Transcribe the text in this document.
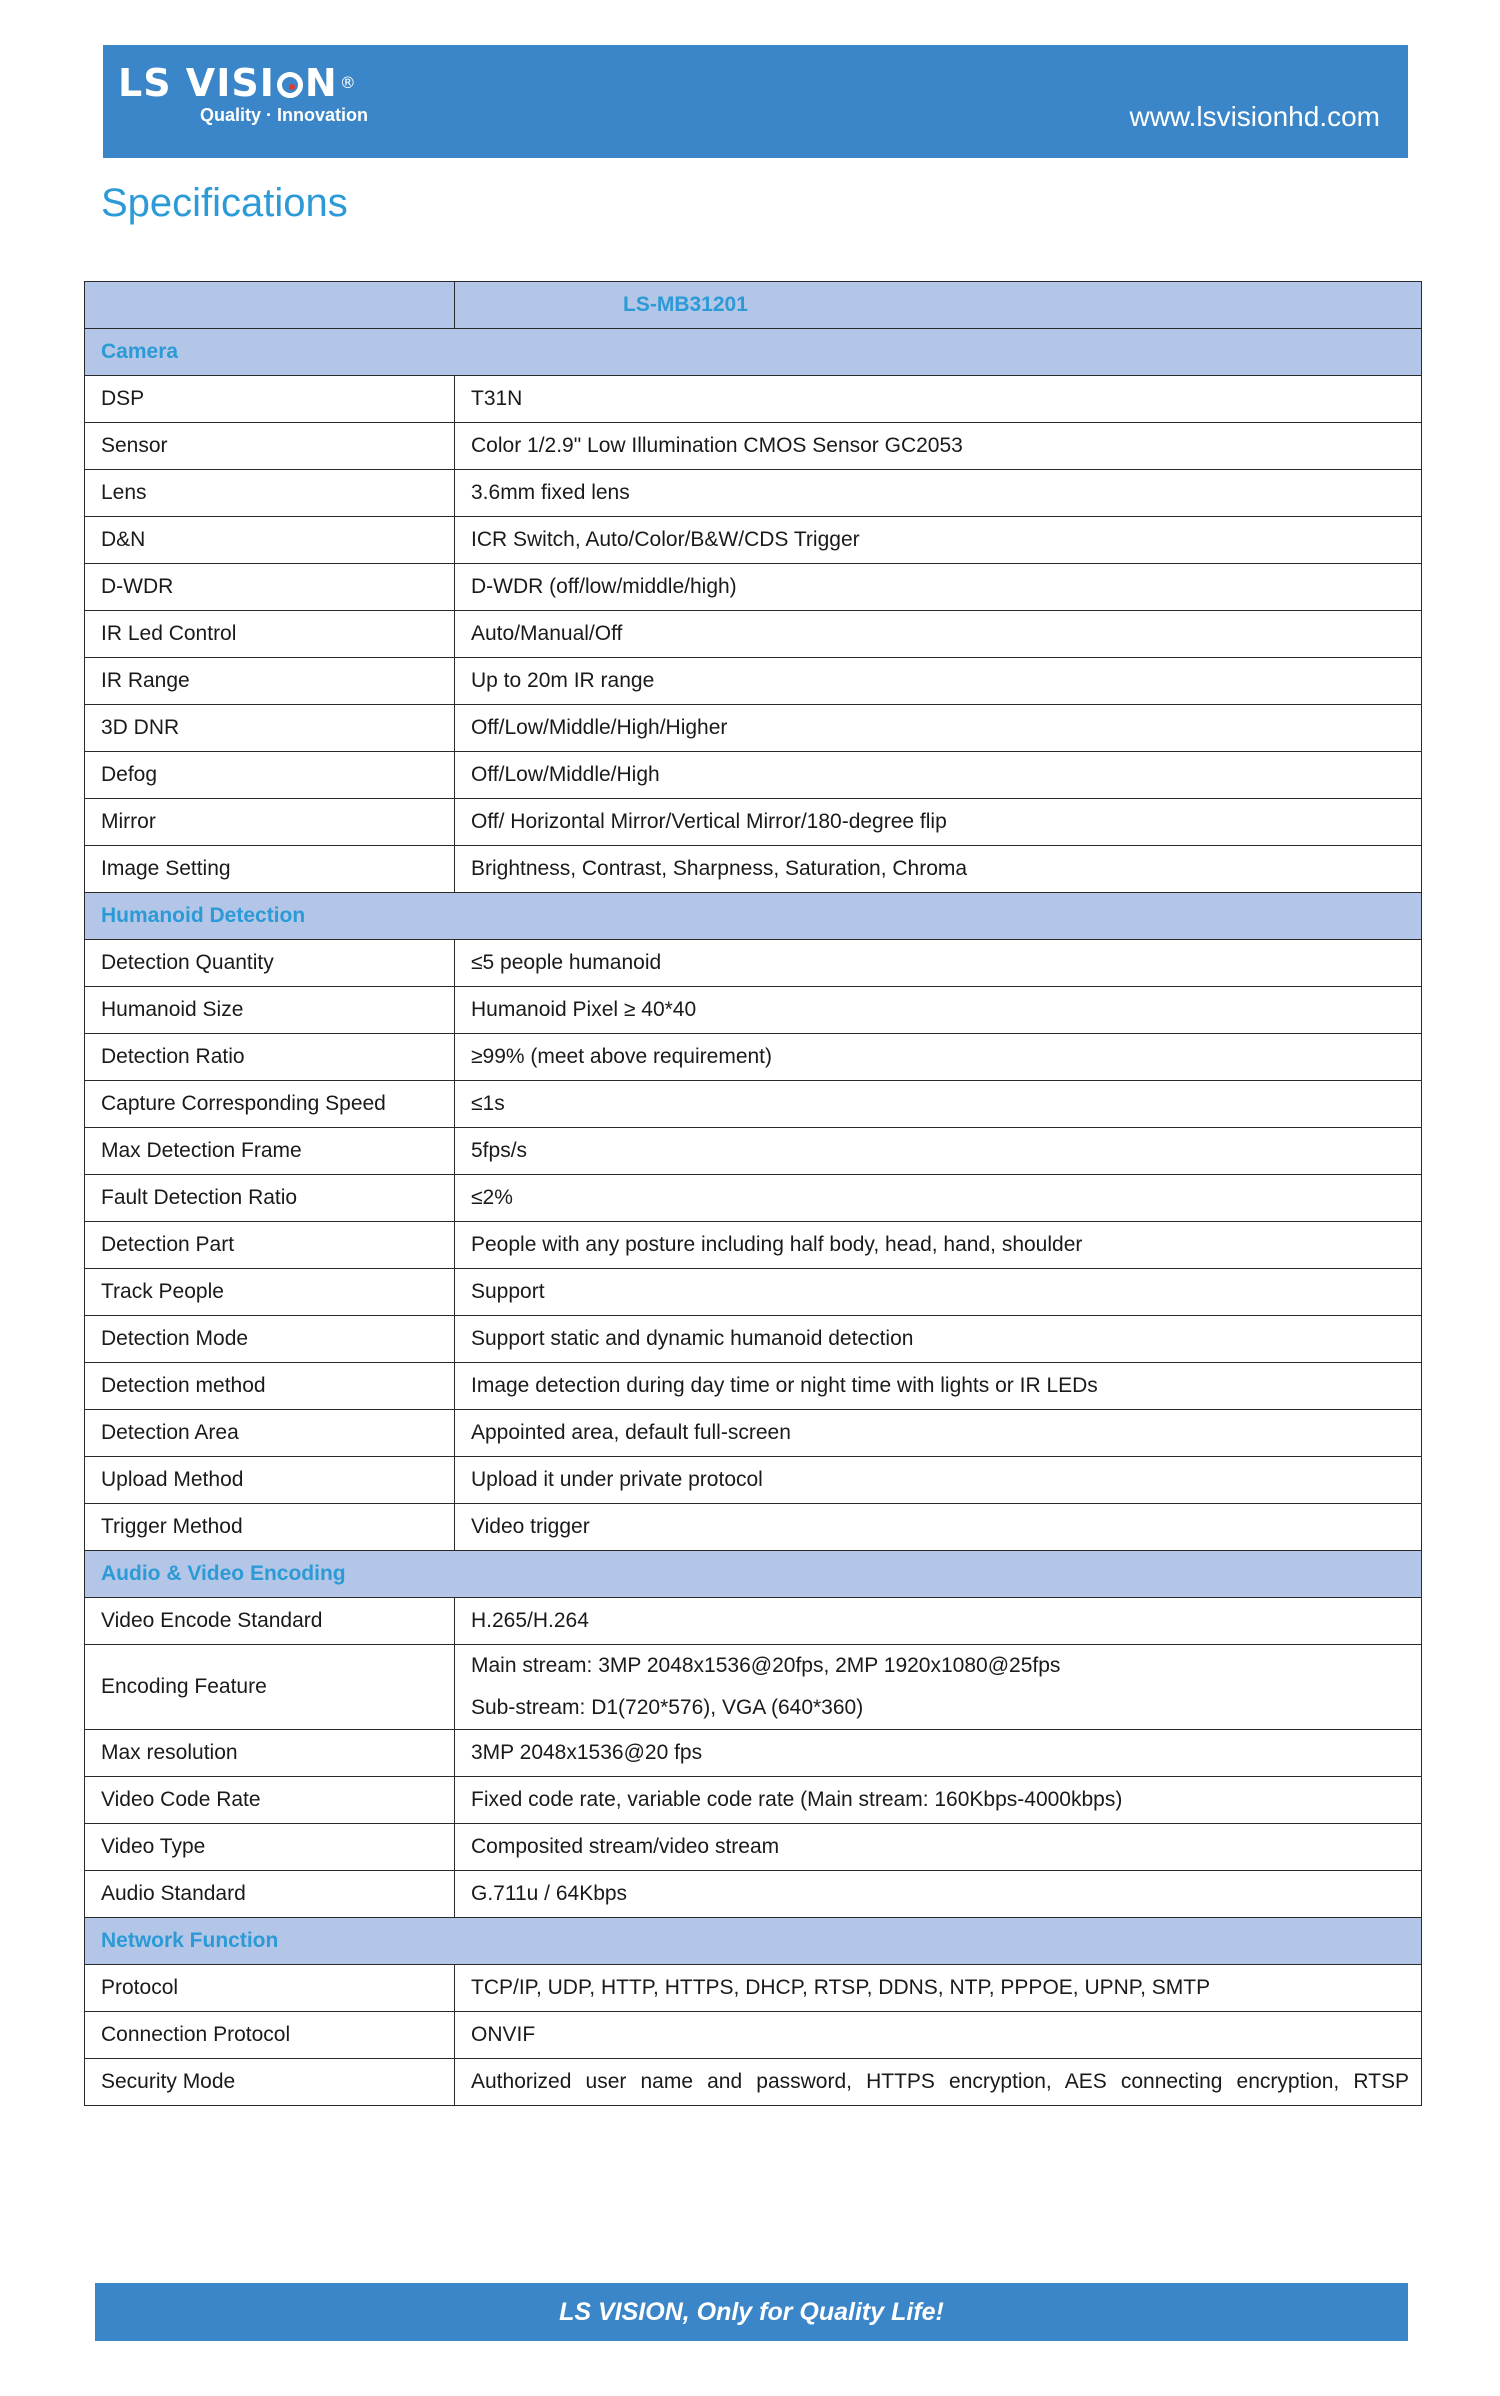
LS VISI N ®
Quality · Innovation	www.lsvisionhd.com
Specifications
	LS-MB31201
Camera	
DSP	T31N
Sensor	Color 1/2.9" Low Illumination CMOS Sensor GC2053
Lens	3.6mm fixed lens
D&N	ICR Switch, Auto/Color/B&W/CDS Trigger
D-WDR	D-WDR (off/low/middle/high)
IR Led Control	Auto/Manual/Off
IR Range	Up to 20m IR range
3D DNR	Off/Low/Middle/High/Higher
Defog	Off/Low/Middle/High
Mirror	Off/ Horizontal Mirror/Vertical Mirror/180-degree flip
Image Setting	Brightness, Contrast, Sharpness, Saturation, Chroma
Humanoid Detection	
Detection Quantity	≤5 people humanoid
Humanoid Size	Humanoid Pixel ≥ 40*40
Detection Ratio	≥99% (meet above requirement)
Capture Corresponding Speed	≤1s
Max Detection Frame	5fps/s
Fault Detection Ratio	≤2%
Detection Part	People with any posture including half body, head, hand, shoulder
Track People	Support
Detection Mode	Support static and dynamic humanoid detection
Detection method	Image detection during day time or night time with lights or IR LEDs
Detection Area	Appointed area, default full-screen
Upload Method	Upload it under private protocol
Trigger Method	Video trigger
Audio & Video Encoding	
Video Encode Standard	H.265/H.264
Encoding Feature	Main stream: 3MP 2048x1536@20fps, 2MP 1920x1080@25fps
Sub-stream: D1(720*576), VGA (640*360)

Max resolution	3MP 2048x1536@20 fps
Video Code Rate	Fixed code rate, variable code rate (Main stream: 160Kbps-4000kbps)
Video Type	Composited stream/video stream
Audio Standard	G.711u / 64Kbps
Network Function	
Protocol	TCP/IP, UDP, HTTP, HTTPS, DHCP, RTSP, DDNS, NTP, PPPOE, UPNP, SMTP
Connection Protocol	ONVIF
Security Mode	Authorized user name and password, HTTPS encryption, AES connecting encryption, RTSP
LS VISION, Only for Quality Life!
